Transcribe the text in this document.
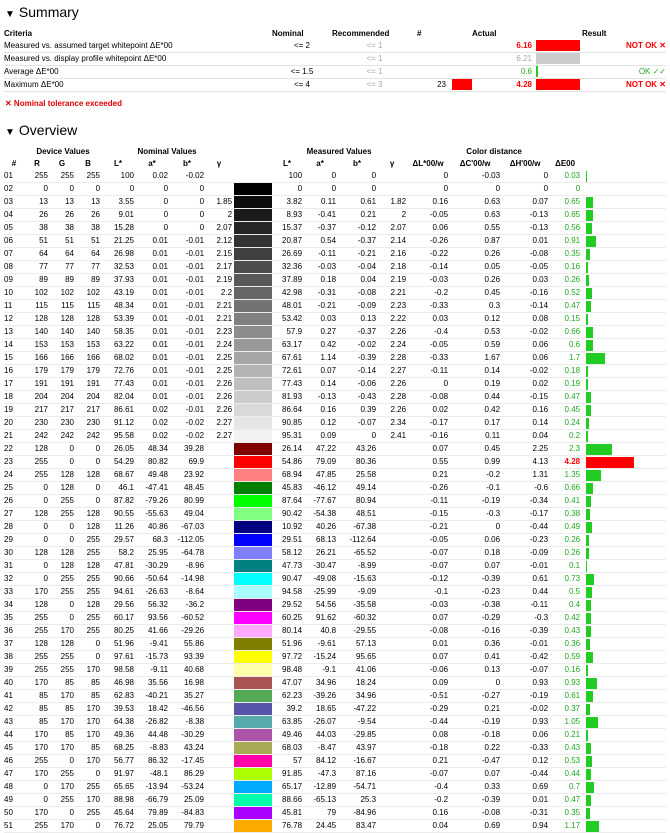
▼ Summary
Criteria	Nominal	Recommended	#	Actual		Result
Measured vs. assumed target whitepoint ΔE*00	<= 2	<= 1		6.16		NOT OK ✕
Measured vs. display profile whitepoint ΔE*00		<= 1		6.21		
Average ΔE*00	<= 1.5	<= 1		0.6		OK ✓✓
Maximum ΔE*00	<= 4	<= 3	23	4.28		NOT OK ✕
✕ Nominal tolerance exceeded
▼ Overview
	Device Values			Nominal Values					Measured Values				Color distance				
#	R	G	B	L*	a*	b*	γ		L*	a*	b*	γ	ΔL*00/w	ΔC'00/w	ΔH'00/w	ΔE00	
01	255	255	255	100	0.02	-0.02			100	0	0		0	-0.03	0	0.03	

02	0	0	0	0	0	0			0	0	0		0	0	0	0	

03	13	13	13	3.55	0	0	1.85		3.82	0.11	0.61	1.82	0.16	0.63	0.07	0.65	

04	26	26	26	9.01	0	0	2		8.93	-0.41	0.21	2	-0.05	0.63	-0.13	0.65	

05	38	38	38	15.28	0	0	2.07		15.37	-0.37	-0.12	2.07	0.06	0.55	-0.13	0.56	

06	51	51	51	21.25	0.01	-0.01	2.12		20.87	0.54	-0.37	2.14	-0.26	0.87	0.01	0.91	

07	64	64	64	26.98	0.01	-0.01	2.15		26.69	-0.11	-0.21	2.16	-0.22	0.26	-0.08	0.35	

08	77	77	77	32.53	0.01	-0.01	2.17		32.36	-0.03	-0.04	2.18	-0.14	0.05	-0.05	0.16	

09	89	89	89	37.93	0.01	-0.01	2.19		37.89	0.18	0.04	2.19	-0.03	0.26	0.03	0.26	

10	102	102	102	43.19	0.01	-0.01	2.2		42.98	-0.31	-0.08	2.21	-0.2	0.45	-0.16	0.52	

11	115	115	115	48.34	0.01	-0.01	2.21		48.01	-0.21	-0.09	2.23	-0.33	0.3	-0.14	0.47	

12	128	128	128	53.39	0.01	-0.01	2.21		53.42	0.03	0.13	2.22	0.03	0.12	0.08	0.15	

13	140	140	140	58.35	0.01	-0.01	2.23		57.9	0.27	-0.37	2.26	-0.4	0.53	-0.02	0.66	

14	153	153	153	63.22	0.01	-0.01	2.24		63.17	0.42	-0.02	2.24	-0.05	0.59	0.06	0.6	

15	166	166	166	68.02	0.01	-0.01	2.25		67.61	1.14	-0.39	2.28	-0.33	1.67	0.06	1.7	

16	179	179	179	72.76	0.01	-0.01	2.25		72.61	0.07	-0.14	2.27	-0.11	0.14	-0.02	0.18	

17	191	191	191	77.43	0.01	-0.01	2.26		77.43	0.14	-0.06	2.26	0	0.19	0.02	0.19	

18	204	204	204	82.04	0.01	-0.01	2.26		81.93	-0.13	-0.43	2.28	-0.08	0.44	-0.15	0.47	

19	217	217	217	86.61	0.02	-0.01	2.26		86.64	0.16	0.39	2.26	0.02	0.42	0.16	0.45	

20	230	230	230	91.12	0.02	-0.02	2.27		90.85	0.12	-0.07	2.34	-0.17	0.17	0.14	0.24	

21	242	242	242	95.58	0.02	-0.02	2.27		95.31	0.09	0	2.41	-0.16	0.11	0.04	0.2	

22	128	0	0	26.05	48.34	39.28			26.14	47.22	43.26		0.07	0.45	2.25	2.3	

23	255	0	0	54.29	80.82	69.9			54.86	79.09	80.36		0.55	0.99	4.13	4.28	

24	255	128	128	68.67	49.48	23.92			68.94	47.85	25.58		0.21	-0.2	1.31	1.35	

25	0	128	0	46.1	-47.41	48.45			45.83	-46.12	49.14		-0.26	-0.1	-0.6	0.66	

26	0	255	0	87.82	-79.26	80.99			87.64	-77.67	80.94		-0.11	-0.19	-0.34	0.41	

27	128	255	128	90.55	-55.63	49.04			90.42	-54.38	48.51		-0.15	-0.3	-0.17	0.38	

28	0	0	128	11.26	40.86	-67.03			10.92	40.26	-67.38		-0.21	0	-0.44	0.49	

29	0	0	255	29.57	68.3	-112.05			29.51	68.13	-112.64		-0.05	0.06	-0.23	0.26	

30	128	128	255	58.2	25.95	-64.78			58.12	26.21	-65.52		-0.07	0.18	-0.09	0.26	

31	0	128	128	47.81	-30.29	-8.96			47.73	-30.47	-8.99		-0.07	0.07	-0.01	0.1	

32	0	255	255	90.66	-50.64	-14.98			90.47	-49.08	-15.63		-0.12	-0.39	0.61	0.73	

33	170	255	255	94.61	-26.63	-8.64			94.58	-25.99	-9.09		-0.1	-0.23	0.44	0.5	

34	128	0	128	29.56	56.32	-36.2			29.52	54.56	-35.58		-0.03	-0.38	-0.11	0.4	

35	255	0	255	60.17	93.56	-60.52			60.25	91.62	-60.32		0.07	-0.29	-0.3	0.42	

36	255	170	255	80.25	41.66	-29.26			80.14	40.8	-29.55		-0.08	-0.16	-0.39	0.43	

37	128	128	0	51.96	-9.41	55.86			51.96	-9.61	57.13		0.01	0.36	-0.01	0.36	

38	255	255	0	97.61	-15.73	93.39			97.72	-15.24	95.65		0.07	0.41	-0.42	0.59	

39	255	255	170	98.58	-9.11	40.68			98.48	-9.1	41.06		-0.06	0.13	-0.07	0.16	

40	170	85	85	46.98	35.56	16.98			47.07	34.96	18.24		0.09	0	0.93	0.93	

41	85	170	85	62.83	-40.21	35.27			62.23	-39.26	34.96		-0.51	-0.27	-0.19	0.61	

42	85	85	170	39.53	18.42	-46.56			39.2	18.65	-47.22		-0.29	0.21	-0.02	0.37	

43	85	170	170	64.38	-26.82	-8.38			63.85	-26.07	-9.54		-0.44	-0.19	0.93	1.05	

44	170	85	170	49.36	44.48	-30.29			49.46	44.03	-29.85		0.08	-0.18	0.06	0.21	

45	170	170	85	68.25	-8.83	43.24			68.03	-8.47	43.97		-0.18	0.22	-0.33	0.43	

46	255	0	170	56.77	86.32	-17.45			57	84.12	-16.67		0.21	-0.47	0.12	0.53	

47	170	255	0	91.97	-48.1	86.29			91.85	-47.3	87.16		-0.07	0.07	-0.44	0.44	

48	0	170	255	65.65	-13.94	-53.24			65.17	-12.89	-54.71		-0.4	0.33	0.69	0.7	

49	0	255	170	88.98	-66.79	25.09			88.66	-65.13	25.3		-0.2	-0.39	0.01	0.47	

50	170	0	255	45.64	79.89	-84.83			45.81	79	-84.96		0.16	-0.08	-0.31	0.35	

51	255	170	0	76.72	25.05	79.79			76.78	24.45	83.47		0.04	0.69	0.94	1.17	
